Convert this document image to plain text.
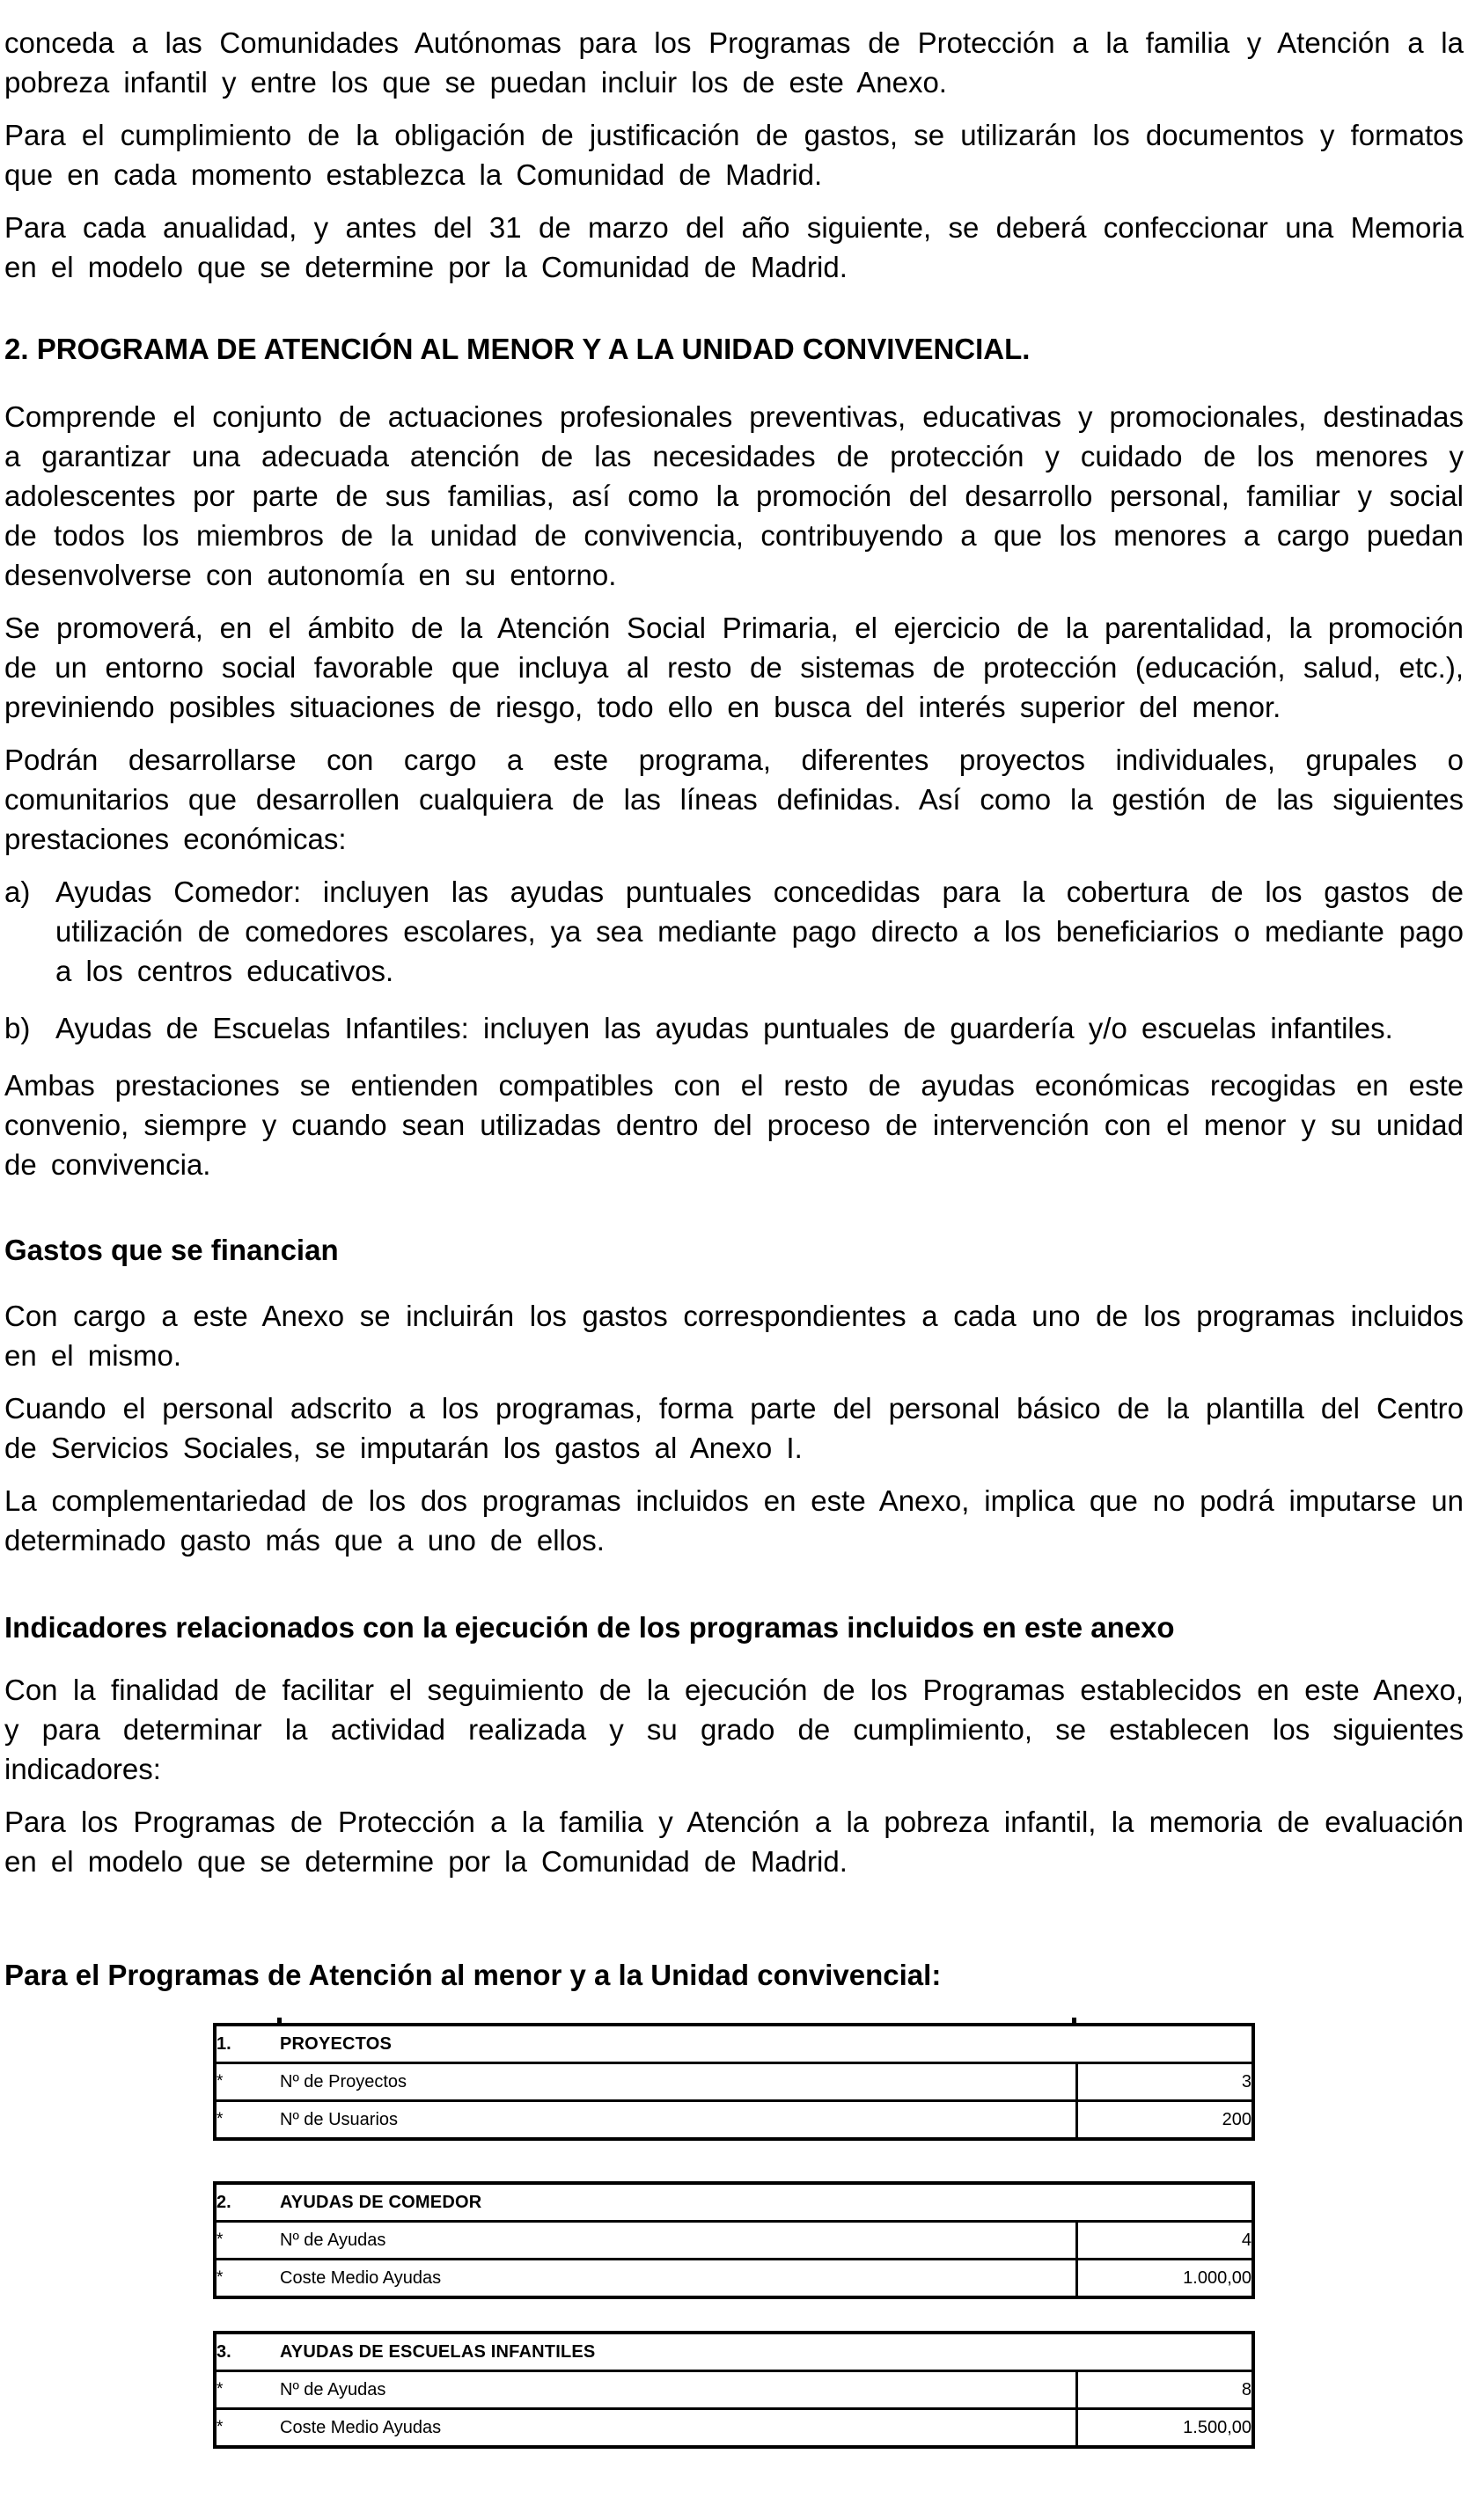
conceda a las Comunidades Autónomas para los Programas de Protección a la familia y Atención a la pobreza infantil y entre los que se puedan incluir los de este Anexo.

Para el cumplimiento de la obligación de justificación de gastos, se utilizarán los documentos y formatos que en cada momento establezca la Comunidad de Madrid.

Para cada anualidad, y antes del 31 de marzo del año siguiente, se deberá confeccionar una Memoria en el modelo que se determine por la Comunidad de Madrid.

2. PROGRAMA DE ATENCIÓN AL MENOR Y A LA UNIDAD CONVIVENCIAL.

Comprende el conjunto de actuaciones profesionales preventivas, educativas y promocionales, destinadas a garantizar una adecuada atención de las necesidades de protección y cuidado de los menores y adolescentes por parte de sus familias, así como la promoción del desarrollo personal, familiar y social de todos los miembros de la unidad de convivencia, contribuyendo a que los menores a cargo puedan desenvolverse con autonomía en su entorno.

Se promoverá, en el ámbito de la Atención Social Primaria, el ejercicio de la parentalidad, la promoción de un entorno social favorable que incluya al resto de sistemas de protección (educación, salud, etc.), previniendo posibles situaciones de riesgo, todo ello en busca del interés superior del menor.

Podrán desarrollarse con cargo a este programa, diferentes proyectos individuales, grupales o comunitarios que desarrollen cualquiera de las líneas definidas. Así como la gestión de las siguientes prestaciones económicas:

a) Ayudas Comedor: incluyen las ayudas puntuales concedidas para la cobertura de los gastos de utilización de comedores escolares, ya sea mediante pago directo a los beneficiarios o mediante pago a los centros educativos.
b) Ayudas de Escuelas Infantiles: incluyen las ayudas puntuales de guardería y/o escuelas infantiles.

Ambas prestaciones se entienden compatibles con el resto de ayudas económicas recogidas en este convenio, siempre y cuando sean utilizadas dentro del proceso de intervención con el menor y su unidad de convivencia.

Gastos que se financian

Con cargo a este Anexo se incluirán los gastos correspondientes a cada uno de los programas incluidos en el mismo.

Cuando el personal adscrito a los programas, forma parte del personal básico de la plantilla del Centro de Servicios Sociales, se imputarán los gastos al Anexo I.

La complementariedad de los dos programas incluidos en este Anexo, implica que no podrá imputarse un determinado gasto más que a uno de ellos.

Indicadores relacionados con la ejecución de los programas incluidos en este anexo

Con la finalidad de facilitar el seguimiento de la ejecución de los Programas establecidos en este Anexo, y para determinar la actividad realizada y su grado de cumplimiento, se establecen los siguientes indicadores:

Para los Programas de Protección a la familia y Atención a la pobreza infantil, la memoria de evaluación en el modelo que se determine por la Comunidad de Madrid.

Para el Programas de Atención al menor y a la Unidad convivencial:
1.	PROYECTOS	
*	Nº de Proyectos	3
*	Nº de Usuarios	200
2.	AYUDAS DE COMEDOR	
*	Nº de Ayudas	4
*	Coste Medio Ayudas	1.000,00
3.	AYUDAS DE ESCUELAS INFANTILES	
*	Nº de Ayudas	8
*	Coste Medio Ayudas	1.500,00
